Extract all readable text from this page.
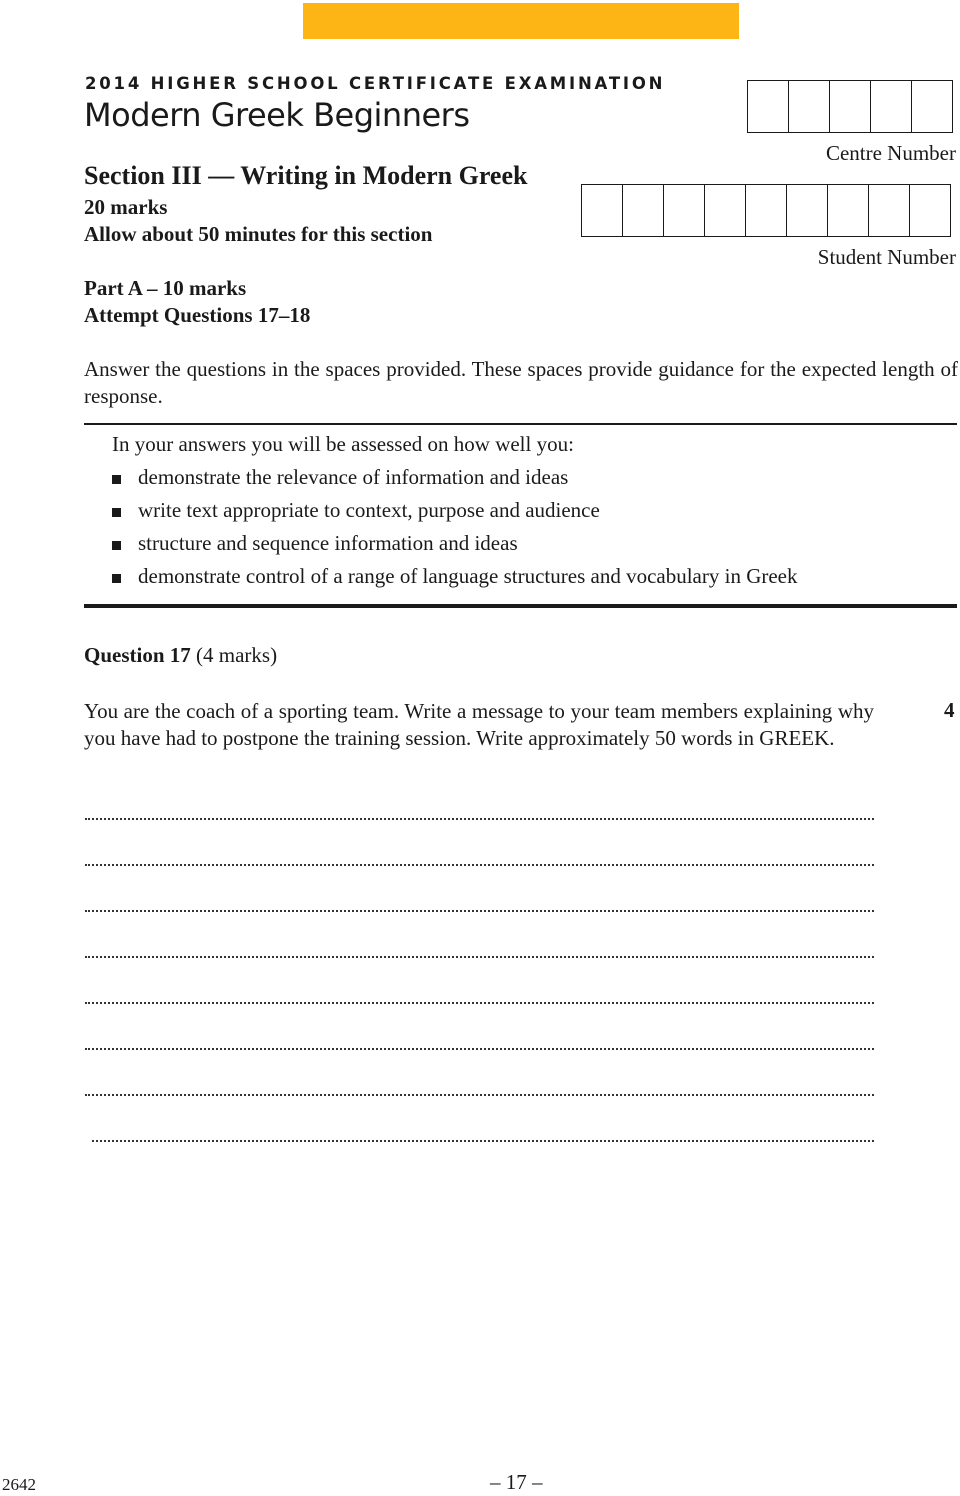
2014 HIGHER SCHOOL CERTIFICATE EXAMINATION
Modern Greek Beginners
Section III — Writing in Modern Greek
20 marks
Allow about 50 minutes for this section
Part A – 10 marks
Attempt Questions 17–18
Centre Number
Student Number
Answer the questions in the spaces provided. These spaces provide guidance for the expected length of response.
In your answers you will be assessed on how well you:
demonstrate the relevance of information and ideas
write text appropriate to context, purpose and audience
structure and sequence information and ideas
demonstrate control of a range of language structures and vocabulary in Greek
Question 17 (4 marks)
You are the coach of a sporting team. Write a message to your team members explaining why you have had to postpone the training session. Write approximately 50 words in GREEK.
4
2642	– 17 –
